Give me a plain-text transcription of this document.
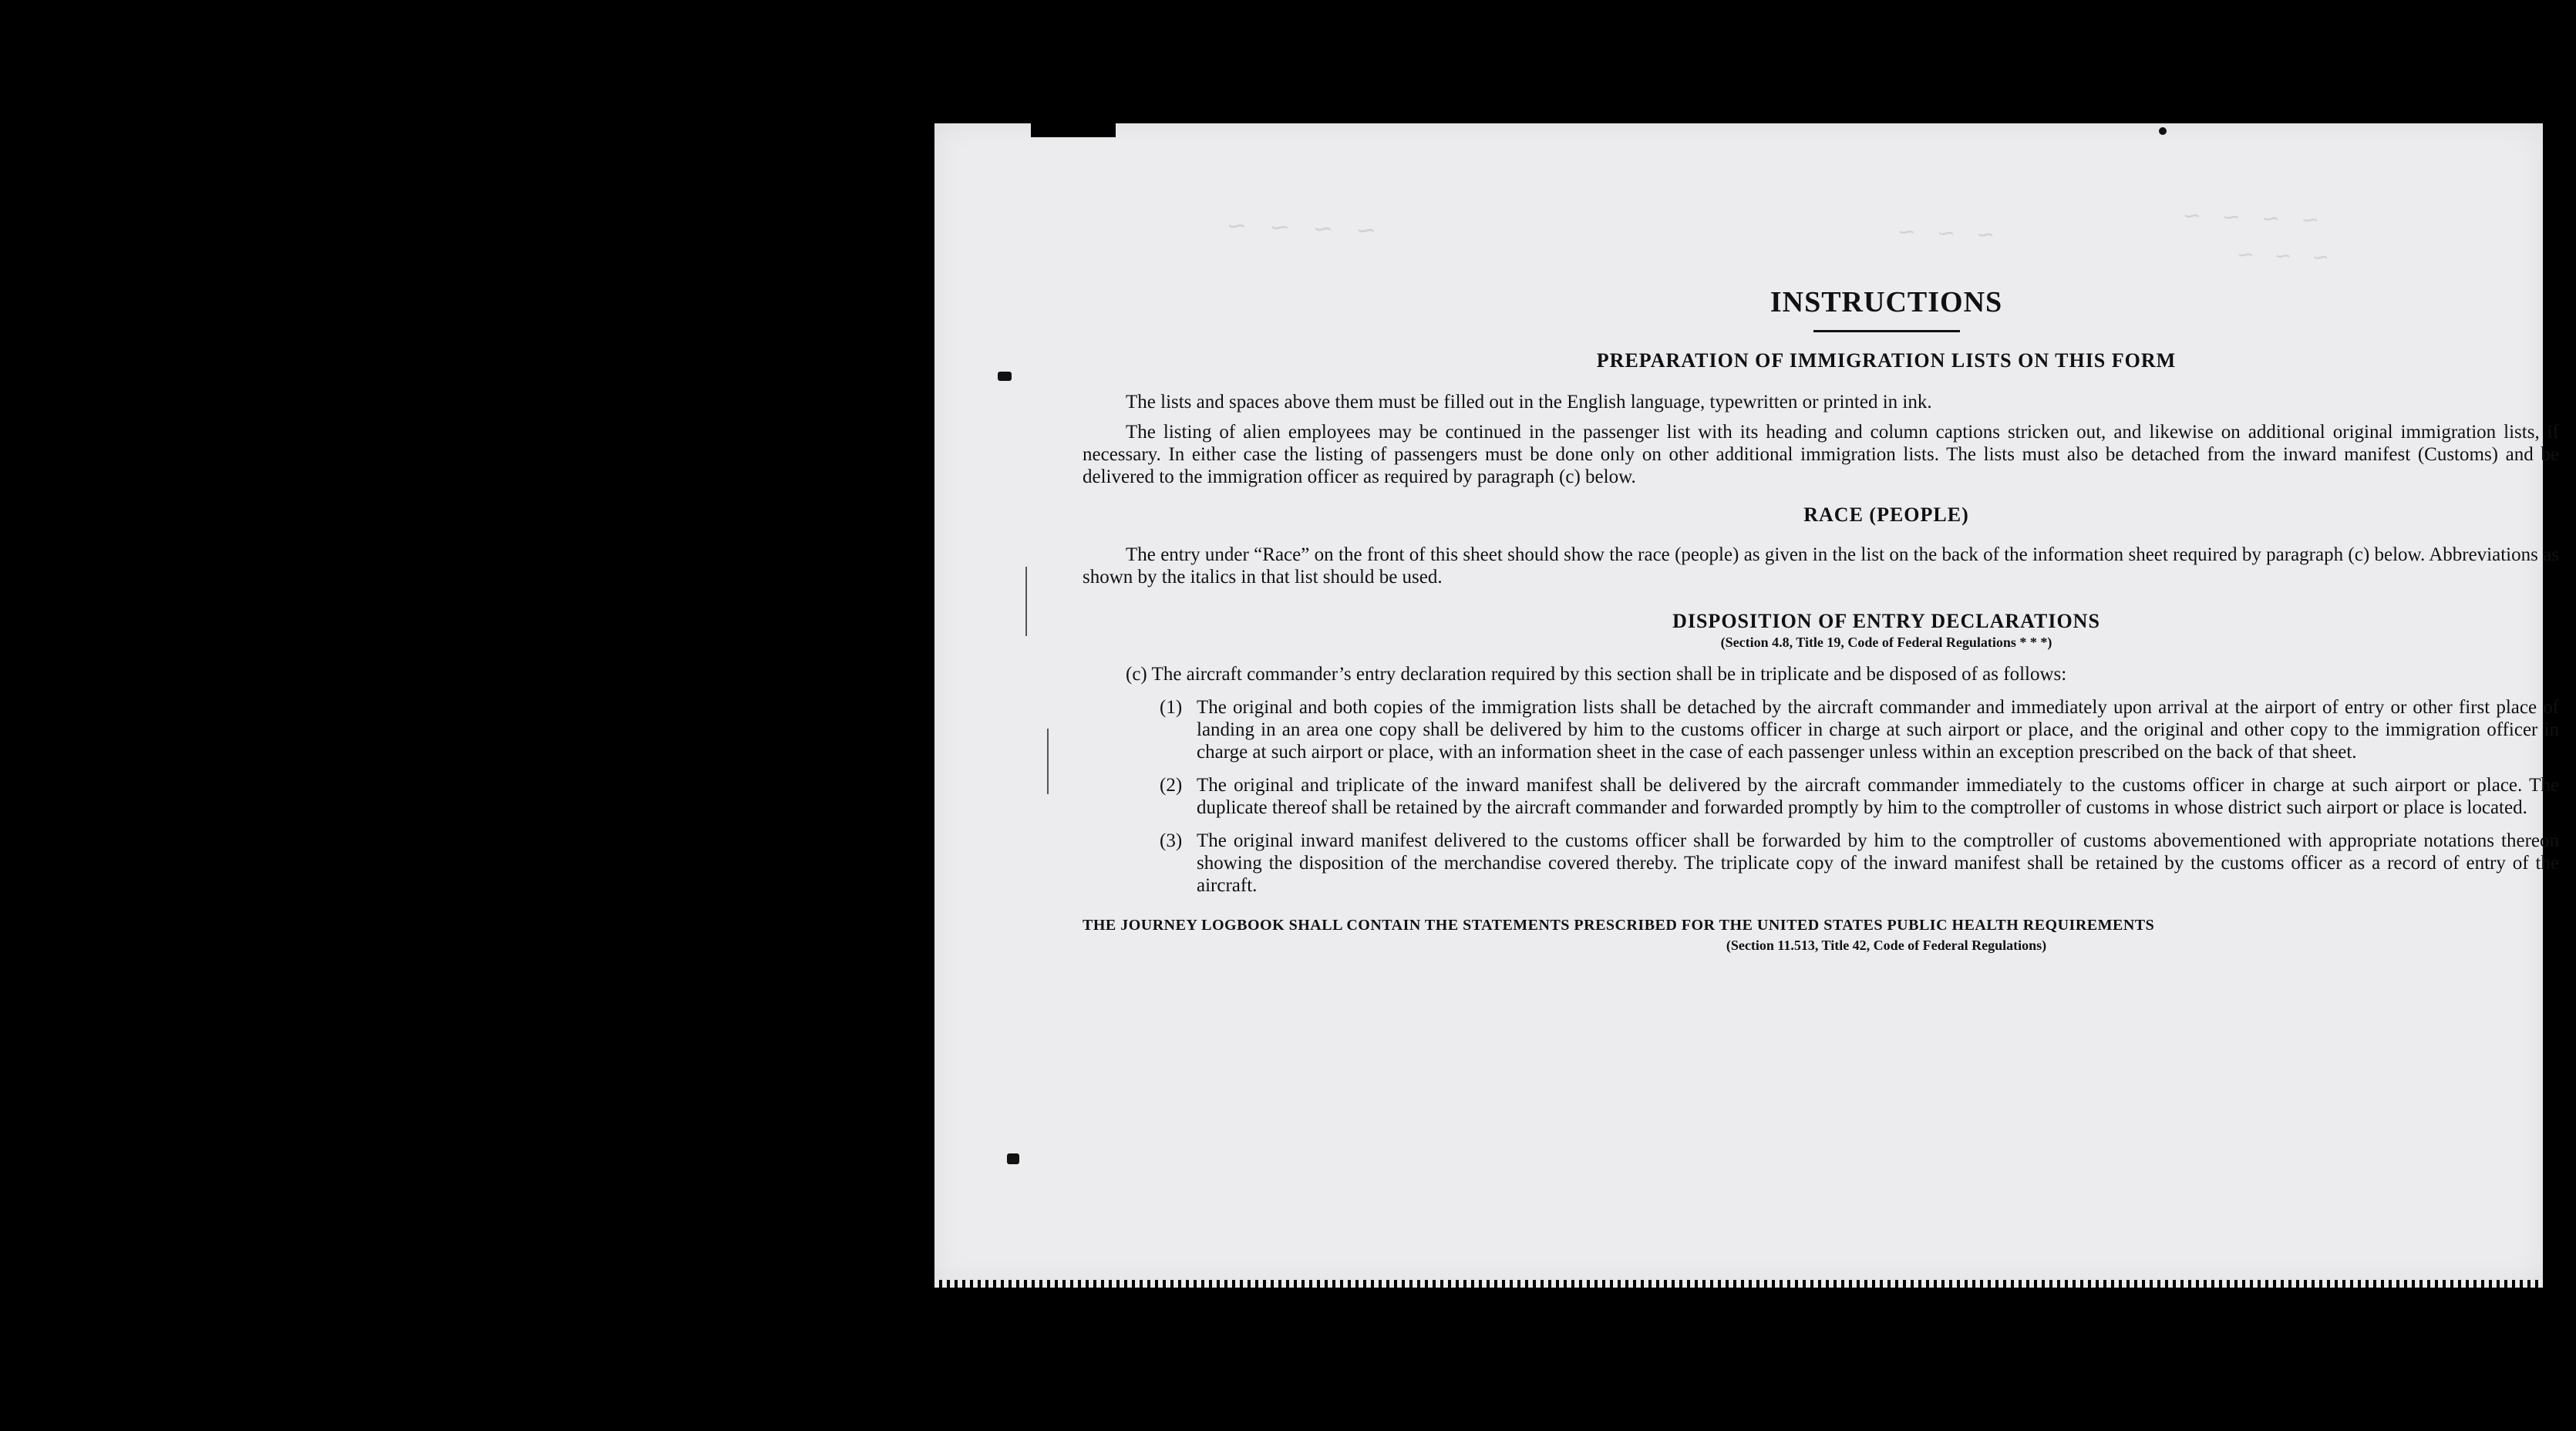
~ ~ ~ ~	~ ~ ~	~ ~ ~ ~
~ ~ ~
INSTRUCTIONS
PREPARATION OF IMMIGRATION LISTS ON THIS FORM

The lists and spaces above them must be filled out in the English language, typewritten or printed in ink.

The listing of alien employees may be continued in the passenger list with its heading and column captions stricken out, and likewise on additional original immigration lists, if necessary. In either case the listing of passengers must be done only on other additional immigration lists. The lists must also be detached from the inward manifest (Customs) and be delivered to the immigration officer as required by paragraph (c) below.

RACE (PEOPLE)

The entry under “Race” on the front of this sheet should show the race (people) as given in the list on the back of the information sheet required by paragraph (c) below. Abbreviations as shown by the italics in that list should be used.

DISPOSITION OF ENTRY DECLARATIONS
(Section 4.8, Title 19, Code of Federal Regulations * * *)

(c) The aircraft commander’s entry declaration required by this section shall be in triplicate and be disposed of as follows:

(1) The original and both copies of the immigration lists shall be detached by the aircraft commander and immediately upon arrival at the airport of entry or other first place of landing in an area one copy shall be delivered by him to the customs officer in charge at such airport or place, and the original and other copy to the immigration officer in charge at such airport or place, with an information sheet in the case of each passenger unless within an exception prescribed on the back of that sheet.

(2) The original and triplicate of the inward manifest shall be delivered by the aircraft commander immediately to the customs officer in charge at such airport or place. The duplicate thereof shall be retained by the aircraft commander and forwarded promptly by him to the comptroller of customs in whose district such airport or place is located.

(3) The original inward manifest delivered to the customs officer shall be forwarded by him to the comptroller of customs abovementioned with appropriate notations thereon showing the disposition of the merchandise covered thereby. The triplicate copy of the inward manifest shall be retained by the customs officer as a record of entry of the aircraft.

THE JOURNEY LOGBOOK SHALL CONTAIN THE STATEMENTS PRESCRIBED FOR THE UNITED STATES PUBLIC HEALTH REQUIREMENTS
(Section 11.513, Title 42, Code of Federal Regulations)
